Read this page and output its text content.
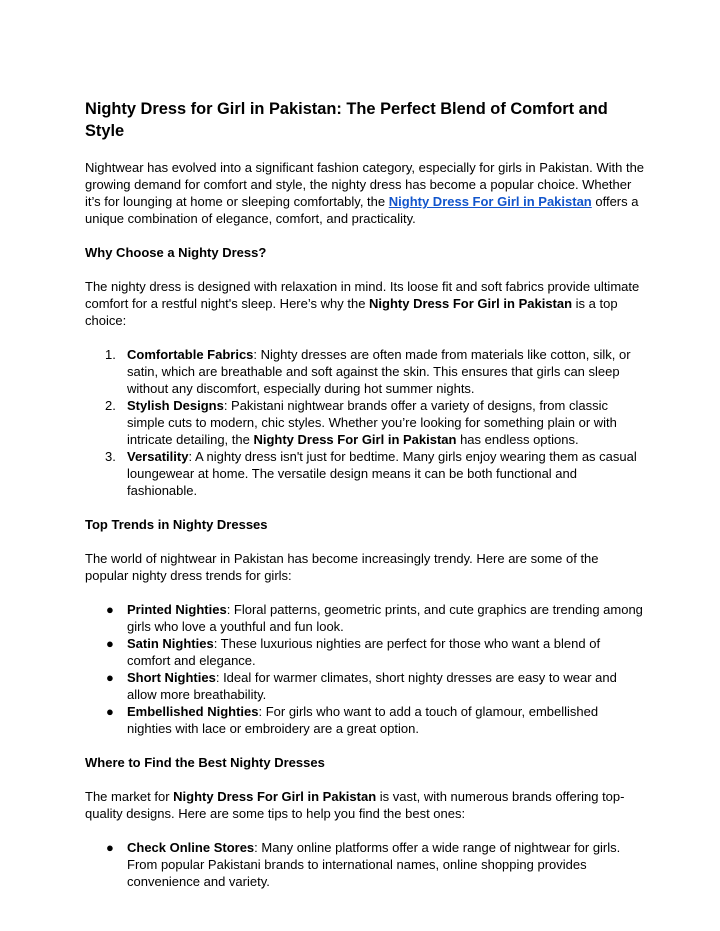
Nighty Dress for Girl in Pakistan: The Perfect Blend of Comfort and Style

Nightwear has evolved into a significant fashion category, especially for girls in Pakistan. With the growing demand for comfort and style, the nighty dress has become a popular choice. Whether it’s for lounging at home or sleeping comfortably, the Nighty Dress For Girl in Pakistan offers a unique combination of elegance, comfort, and practicality.

Why Choose a Nighty Dress?

The nighty dress is designed with relaxation in mind. Its loose fit and soft fabrics provide ultimate comfort for a restful night's sleep. Here’s why the Nighty Dress For Girl in Pakistan is a top choice:

1. Comfortable Fabrics: Nighty dresses are often made from materials like cotton, silk, or satin, which are breathable and soft against the skin. This ensures that girls can sleep without any discomfort, especially during hot summer nights.
2. Stylish Designs: Pakistani nightwear brands offer a variety of designs, from classic simple cuts to modern, chic styles. Whether you’re looking for something plain or with intricate detailing, the Nighty Dress For Girl in Pakistan has endless options.
3. Versatility: A nighty dress isn't just for bedtime. Many girls enjoy wearing them as casual loungewear at home. The versatile design means it can be both functional and fashionable.
Top Trends in Nighty Dresses

The world of nightwear in Pakistan has become increasingly trendy. Here are some of the popular nighty dress trends for girls:

● Printed Nighties: Floral patterns, geometric prints, and cute graphics are trending among girls who love a youthful and fun look.
● Satin Nighties: These luxurious nighties are perfect for those who want a blend of comfort and elegance.
● Short Nighties: Ideal for warmer climates, short nighty dresses are easy to wear and allow more breathability.
● Embellished Nighties: For girls who want to add a touch of glamour, embellished nighties with lace or embroidery are a great option.
Where to Find the Best Nighty Dresses

The market for Nighty Dress For Girl in Pakistan is vast, with numerous brands offering top-quality designs. Here are some tips to help you find the best ones:

● Check Online Stores: Many online platforms offer a wide range of nightwear for girls. From popular Pakistani brands to international names, online shopping provides convenience and variety.
